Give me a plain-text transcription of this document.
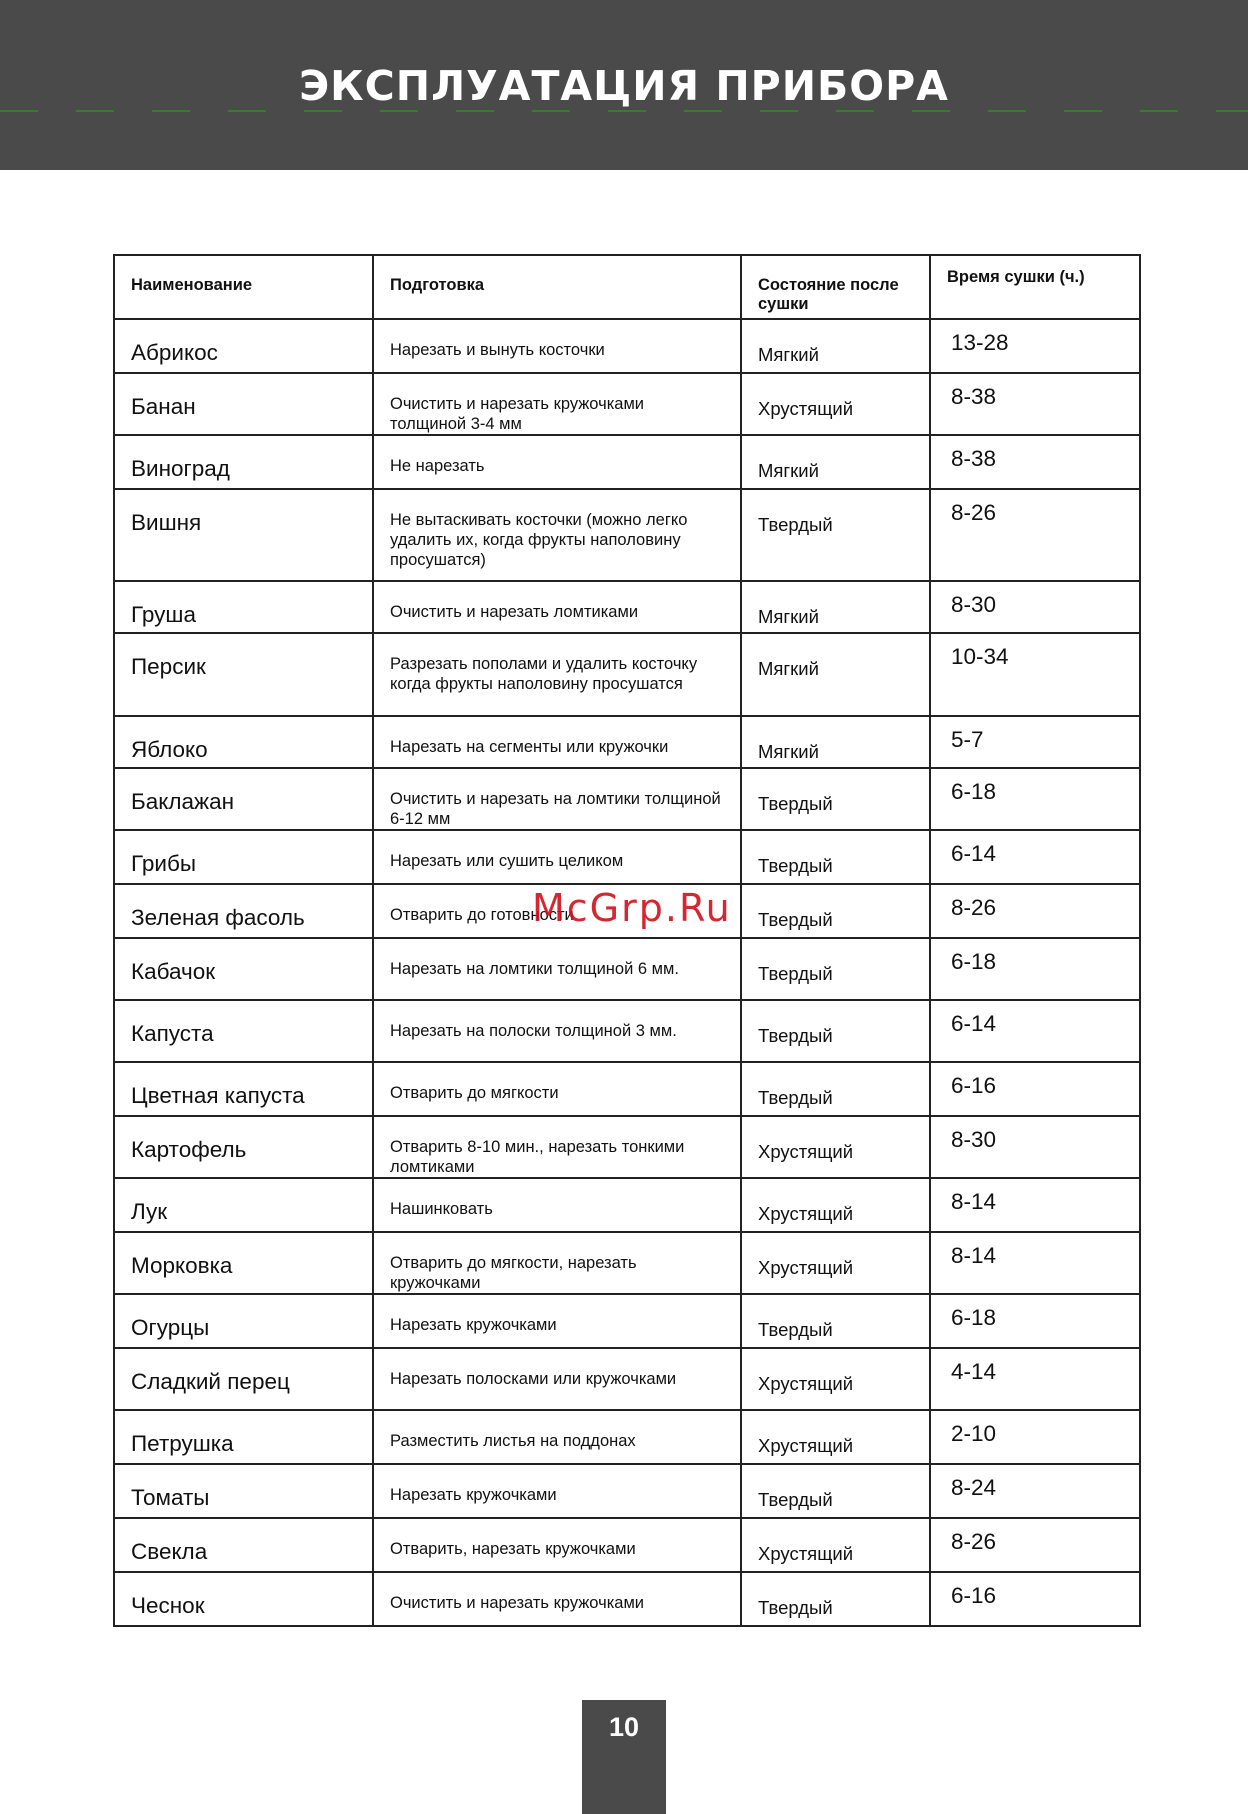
ЭКСПЛУАТАЦИЯ ПРИБОРА
Наименование	Подготовка	Состояние после сушки	Время сушки (ч.)
Абрикос	Нарезать и вынуть косточки	Мягкий	13-28
Банан	Очистить и нарезать кружочками толщиной 3-4 мм	Хрустящий	8-38
Виноград	Не нарезать	Мягкий	8-38
Вишня	Не вытаскивать косточки (можно легко удалить их, когда фрукты наполовину просушатся)	Твердый	8-26
Груша	Очистить и нарезать ломтиками	Мягкий	8-30
Персик	Разрезать пополами и удалить косточку когда фрукты наполовину просушатся	Мягкий	10-34
Яблоко	Нарезать на сегменты или кружочки	Мягкий	5-7
Баклажан	Очистить и нарезать на ломтики толщиной 6-12 мм	Твердый	6-18
Грибы	Нарезать или сушить целиком	Твердый	6-14
Зеленая фасоль	Отварить до готовности	Твердый	8-26
Кабачок	Нарезать на ломтики толщиной 6 мм.	Твердый	6-18
Капуста	Нарезать на полоски толщиной 3 мм.	Твердый	6-14
Цветная капуста	Отварить до мягкости	Твердый	6-16
Картофель	Отварить 8-10 мин., нарезать тонкими ломтиками	Хрустящий	8-30
Лук	Нашинковать	Хрустящий	8-14
Морковка	Отварить до мягкости, нарезать кружочками	Хрустящий	8-14
Огурцы	Нарезать кружочками	Твердый	6-18
Сладкий перец	Нарезать полосками или кружочками	Хрустящий	4-14
Петрушка	Разместить листья на поддонах	Хрустящий	2-10
Томаты	Нарезать кружочками	Твердый	8-24
Свекла	Отварить, нарезать кружочками	Хрустящий	8-26
Чеснок	Очистить и нарезать кружочками	Твердый	6-16
McGrp.Ru
10
